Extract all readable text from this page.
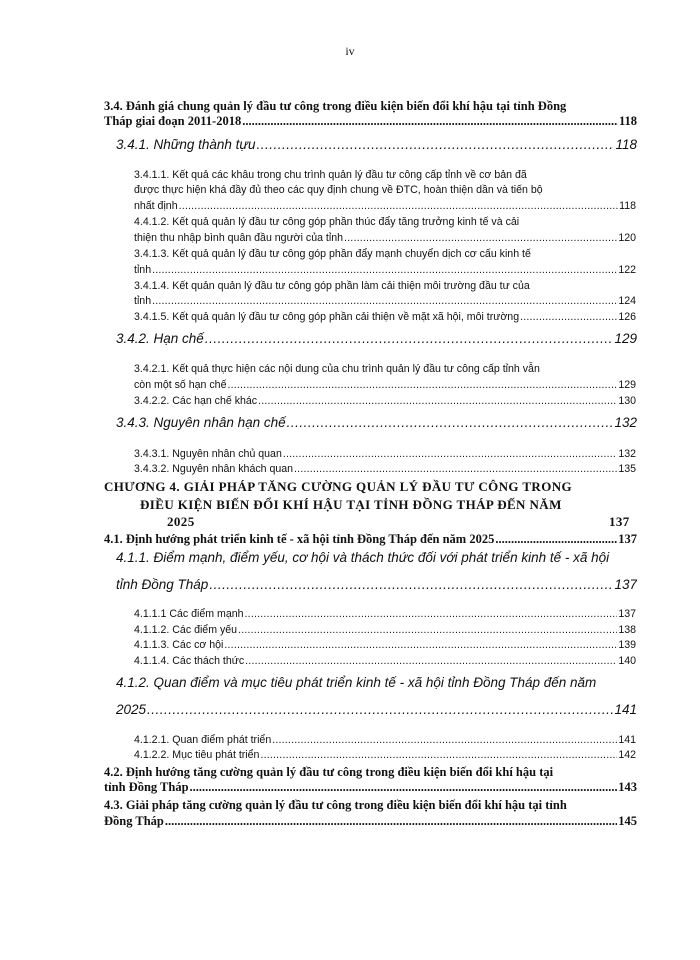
iv
3.4. Đánh giá chung quản lý đầu tư công trong điều kiện biến đổi khí hậu tại tỉnh Đồng
Tháp giai đoạn 2011-2018 .....	118
3.4.1. Những thành tựu .....	118
3.4.1.1. Kết quả các khâu trong chu trình quản lý đầu tư công cấp tỉnh về cơ bản đã
được thực hiện khá đầy đủ theo các quy định chung về ĐTC, hoàn thiện dần và tiến bộ
nhất định .....	118
4.4.1.2. Kết quả quản lý đầu tư công góp phần thúc đẩy tăng trưởng kinh tế và cải
thiện thu nhập bình quân đầu người của tỉnh .....	120
3.4.1.3. Kết quả quản lý đầu tư công góp phần đẩy mạnh chuyển dịch cơ cấu kinh tế
tỉnh .....	122
3.4.1.4. Kết quản quản lý đầu tư công góp phần làm cải thiện môi trường đầu tư của
tỉnh .....	124
3.4.1.5. Kết quả quản lý đầu tư công góp phần cải thiện về mặt xã hội, môi trường .....	126
3.4.2. Hạn chế .....	129
3.4.2.1. Kết quả thực hiện các nội dung của chu trình quản lý đầu tư công cấp tỉnh vẫn
còn một số hạn chế .....	129
3.4.2.2. Các hạn chế khác .....	130
3.4.3. Nguyên nhân hạn chế .....	132
3.4.3.1. Nguyên nhân chủ quan .....	132
3.4.3.2. Nguyên nhân khách quan .....	135
CHƯƠNG 4. GIẢI PHÁP TĂNG CƯỜNG QUẢN LÝ ĐẦU TƯ CÔNG TRONG
ĐIỀU KIỆN BIẾN ĐỔI KHÍ HẬU TẠI TỈNH ĐỒNG THÁP ĐẾN NĂM
2025	137
4.1. Định hướng phát triển kinh tế - xã hội tỉnh Đồng Tháp đến năm 2025 .....	137
4.1.1. Điểm mạnh, điểm yếu, cơ hội và thách thức đối với phát triển kinh tế - xã hội
tỉnh Đồng Tháp .....	137
4.1.1.1 Các điểm mạnh .....	137
4.1.1.2. Các điểm yếu .....	138
4.1.1.3. Các cơ hội .....	139
4.1.1.4. Các thách thức .....	140
4.1.2. Quan điểm và mục tiêu phát triển kinh tế - xã hội tỉnh Đồng Tháp đến năm
2025 .....	141
4.1.2.1. Quan điểm phát triển .....	141
4.1.2.2. Mục tiêu phát triển .....	142
4.2. Định hướng tăng cường quản lý đầu tư công trong điều kiện biến đổi khí hậu tại
tỉnh Đồng Tháp .....	143
4.3. Giải pháp tăng cường quản lý đầu tư công trong điều kiện biến đổi khí hậu tại tỉnh
Đồng Tháp .....	145
